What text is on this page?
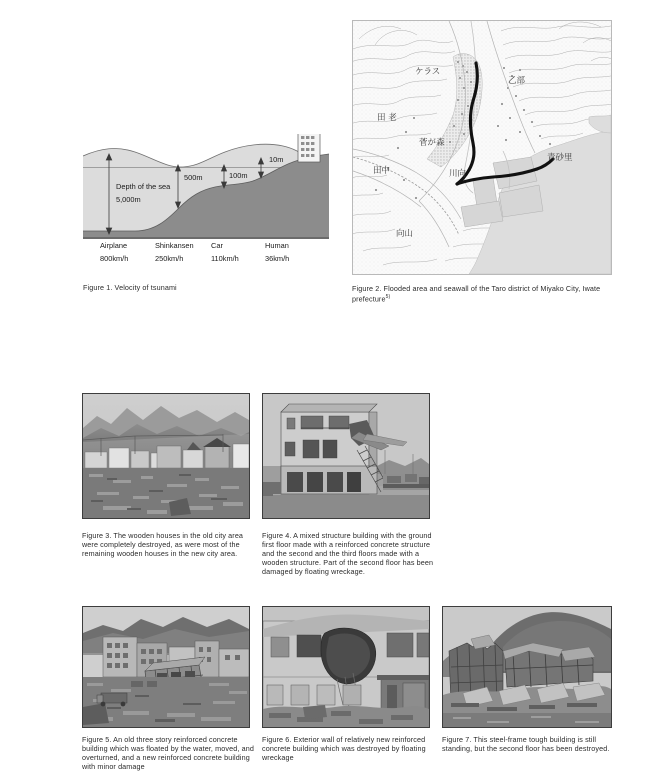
Depth of the sea
5,000m
500m	100m
10m
Airplane
800km/h
Shinkansen
250km/h
Car
110km/h
Human
36km/h
Figure 1. Velocity of tsunami
ケラス
乙部
田 老
菅が森
青砂里
田中	川向
向山
Figure 2. Flooded area and seawall of the Taro district of Miyako City, Iwate prefecture$^{5)}$
Figure 3. The wooden houses in the old city area were completely destroyed, as were most of the remaining wooden houses in the new city area.
Figure 4. A mixed structure building with the ground first floor made with a reinforced concrete structure and the second and the third floors made with a wooden structure. Part of the second floor has been damaged by floating wreckage.
Figure 5. An old three story reinforced concrete building which was floated by the water, moved, and overturned, and a new reinforced concrete building with minor damage
Figure 6. Exterior wall of relatively new reinforced concrete building which was destroyed by floating wreckage
Figure 7. This steel-frame tough building is still standing, but the second floor has been destroyed.
